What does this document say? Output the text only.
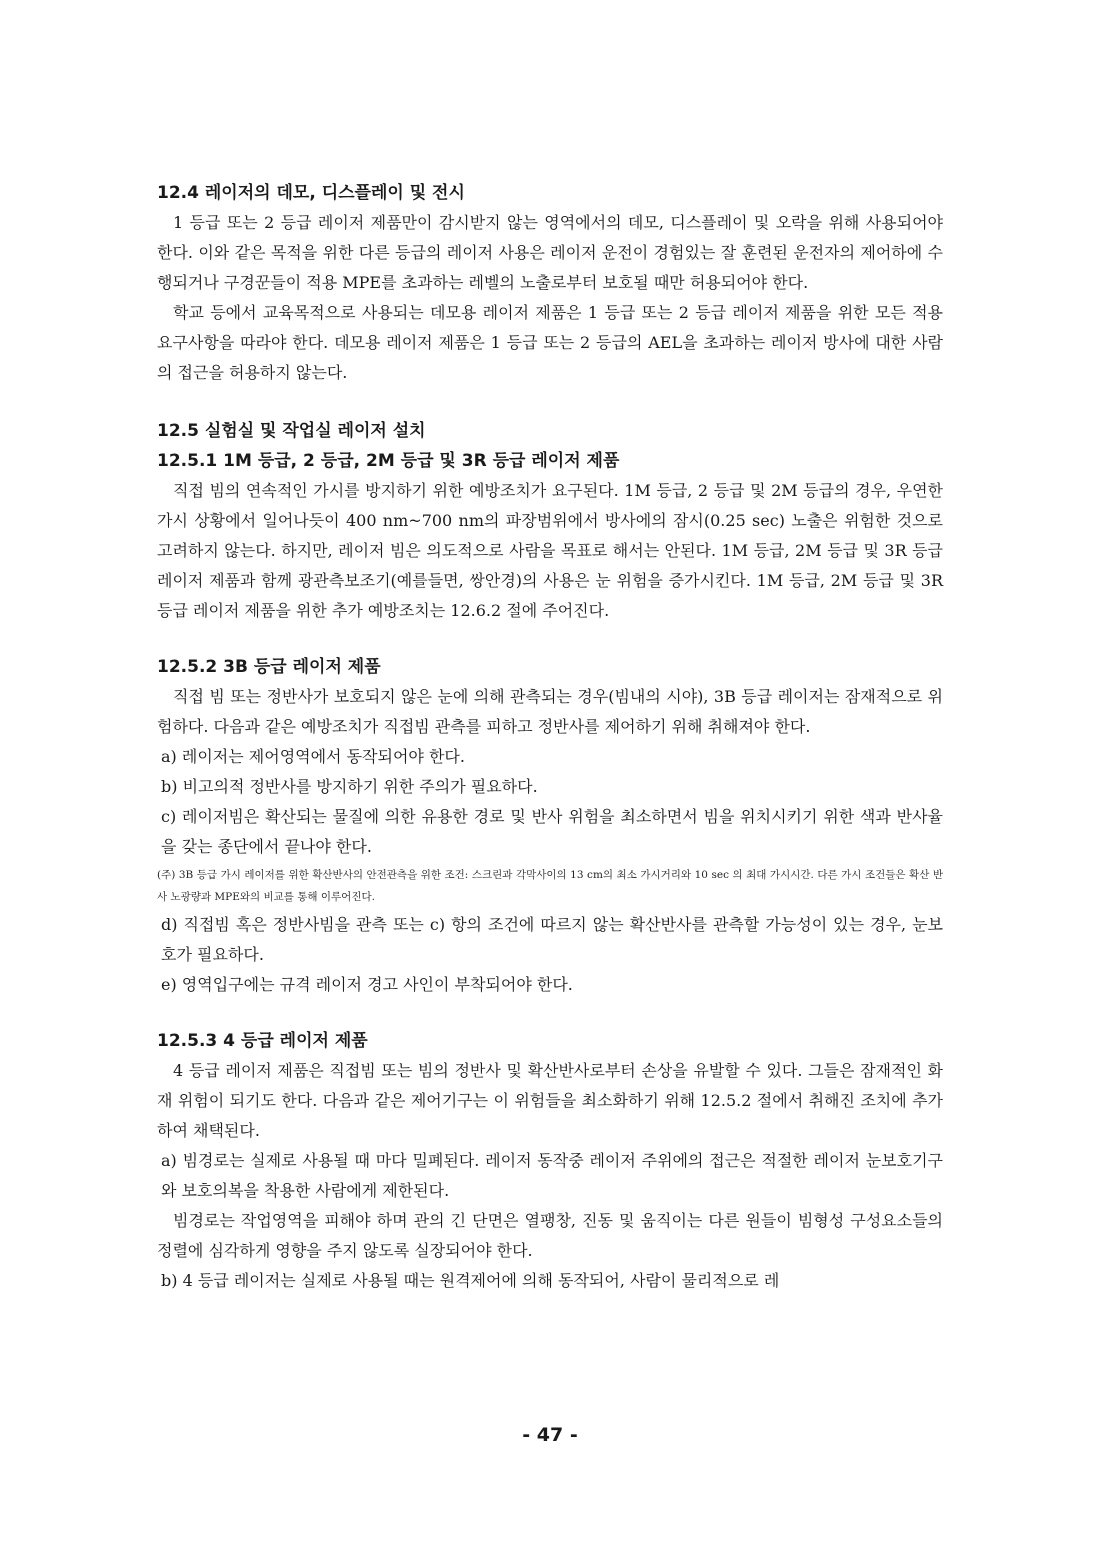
12.4 레이저의 데모, 디스플레이 및 전시

1 등급 또는 2 등급 레이저 제품만이 감시받지 않는 영역에서의 데모, 디스플레이 및 오락을 위해 사용되어야 한다. 이와 같은 목적을 위한 다른 등급의 레이저 사용은 레이저 운전이 경험있는 잘 훈련된 운전자의 제어하에 수행되거나 구경꾼들이 적용 MPE를 초과하는 레벨의 노출로부터 보호될 때만 허용되어야 한다.

학교 등에서 교육목적으로 사용되는 데모용 레이저 제품은 1 등급 또는 2 등급 레이저 제품을 위한 모든 적용 요구사항을 따라야 한다. 데모용 레이저 제품은 1 등급 또는 2 등급의 AEL을 초과하는 레이저 방사에 대한 사람의 접근을 허용하지 않는다.

12.5 실험실 및 작업실 레이저 설치
12.5.1 1M 등급, 2 등급, 2M 등급 및 3R 등급 레이저 제품

직접 빔의 연속적인 가시를 방지하기 위한 예방조치가 요구된다. 1M 등급, 2 등급 및 2M 등급의 경우, 우연한 가시 상황에서 일어나듯이 400 nm~700 nm의 파장범위에서 방사에의 잠시(0.25 sec) 노출은 위험한 것으로 고려하지 않는다. 하지만, 레이저 빔은 의도적으로 사람을 목표로 해서는 안된다. 1M 등급, 2M 등급 및 3R 등급 레이저 제품과 함께 광관측보조기(예를들면, 쌍안경)의 사용은 눈 위험을 증가시킨다. 1M 등급, 2M 등급 및 3R 등급 레이저 제품을 위한 추가 예방조치는 12.6.2 절에 주어진다.

12.5.2 3B 등급 레이저 제품

직접 빔 또는 정반사가 보호되지 않은 눈에 의해 관측되는 경우(빔내의 시야), 3B 등급 레이저는 잠재적으로 위험하다. 다음과 같은 예방조치가 직접빔 관측를 피하고 정반사를 제어하기 위해 취해져야 한다.

a) 레이저는 제어영역에서 동작되어야 한다.

b) 비고의적 정반사를 방지하기 위한 주의가 필요하다.

c) 레이저빔은 확산되는 물질에 의한 유용한 경로 및 반사 위험을 최소하면서 빔을 위치시키기 위한 색과 반사율을 갖는 종단에서 끝나야 한다.

(주) 3B 등급 가시 레이저를 위한 확산반사의 안전관측을 위한 조건: 스크린과 각막사이의 13 cm의 최소 가시거리와 10 sec 의 최대 가시시간. 다른 가시 조건들은 확산 반사 노광량과 MPE와의 비교를 통해 이루어진다.

d) 직접빔 혹은 정반사빔을 관측 또는 c) 항의 조건에 따르지 않는 확산반사를 관측할 가능성이 있는 경우, 눈보호가 필요하다.

e) 영역입구에는 규격 레이저 경고 사인이 부착되어야 한다.

12.5.3 4 등급 레이저 제품

4 등급 레이저 제품은 직접빔 또는 빔의 정반사 및 확산반사로부터 손상을 유발할 수 있다. 그들은 잠재적인 화재 위험이 되기도 한다. 다음과 같은 제어기구는 이 위험들을 최소화하기 위해 12.5.2 절에서 취해진 조치에 추가하여 채택된다.

a) 빔경로는 실제로 사용될 때 마다 밀폐된다. 레이저 동작중 레이저 주위에의 접근은 적절한 레이저 눈보호기구와 보호의복을 착용한 사람에게 제한된다.

빔경로는 작업영역을 피해야 하며 관의 긴 단면은 열팽창, 진동 및 움직이는 다른 원들이 빔형성 구성요소들의 정렬에 심각하게 영향을 주지 않도록 실장되어야 한다.

b) 4 등급 레이저는 실제로 사용될 때는 원격제어에 의해 동작되어, 사람이 물리적으로 레

- 47 -
